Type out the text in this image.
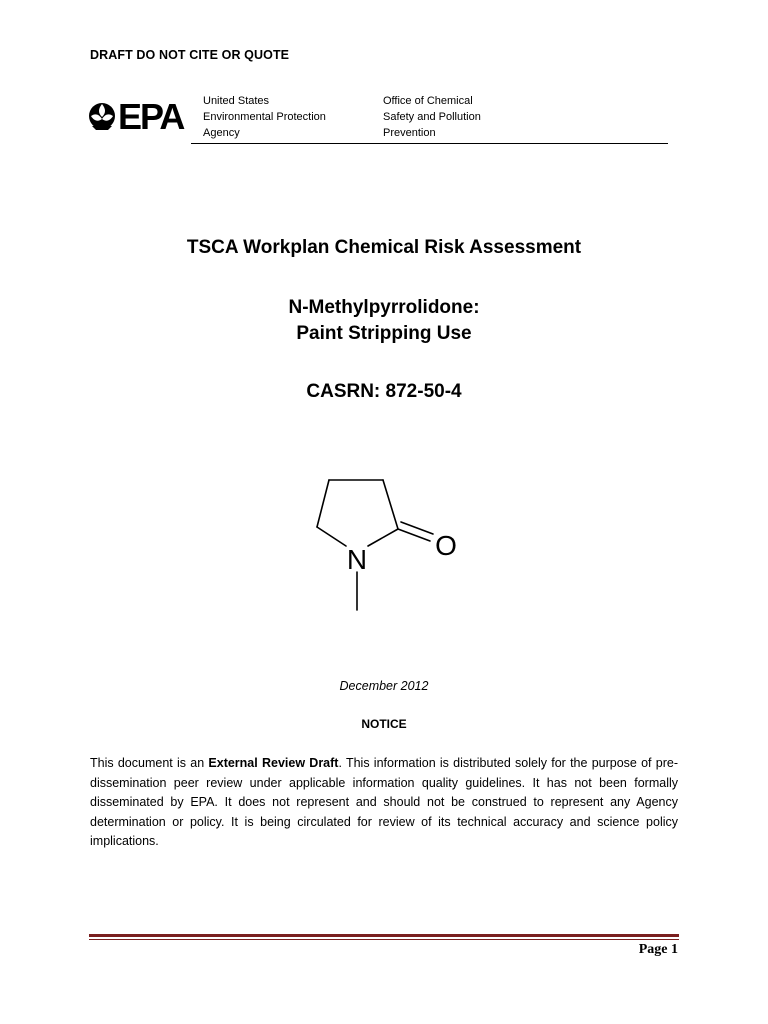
DRAFT DO NOT CITE OR QUOTE
EPA United States
Environmental Protection
Agency
Office of Chemical
Safety and Pollution
Prevention
TSCA Workplan Chemical Risk Assessment
N-Methylpyrrolidone:
Paint Stripping Use
CASRN: 872-50-4
N O
December 2012
NOTICE
This document is an External Review Draft. This information is distributed solely for the purpose of pre-dissemination peer review under applicable information quality guidelines. It has not been formally disseminated by EPA. It does not represent and should not be construed to represent any Agency determination or policy. It is being circulated for review of its technical accuracy and science policy implications.
Page 1
